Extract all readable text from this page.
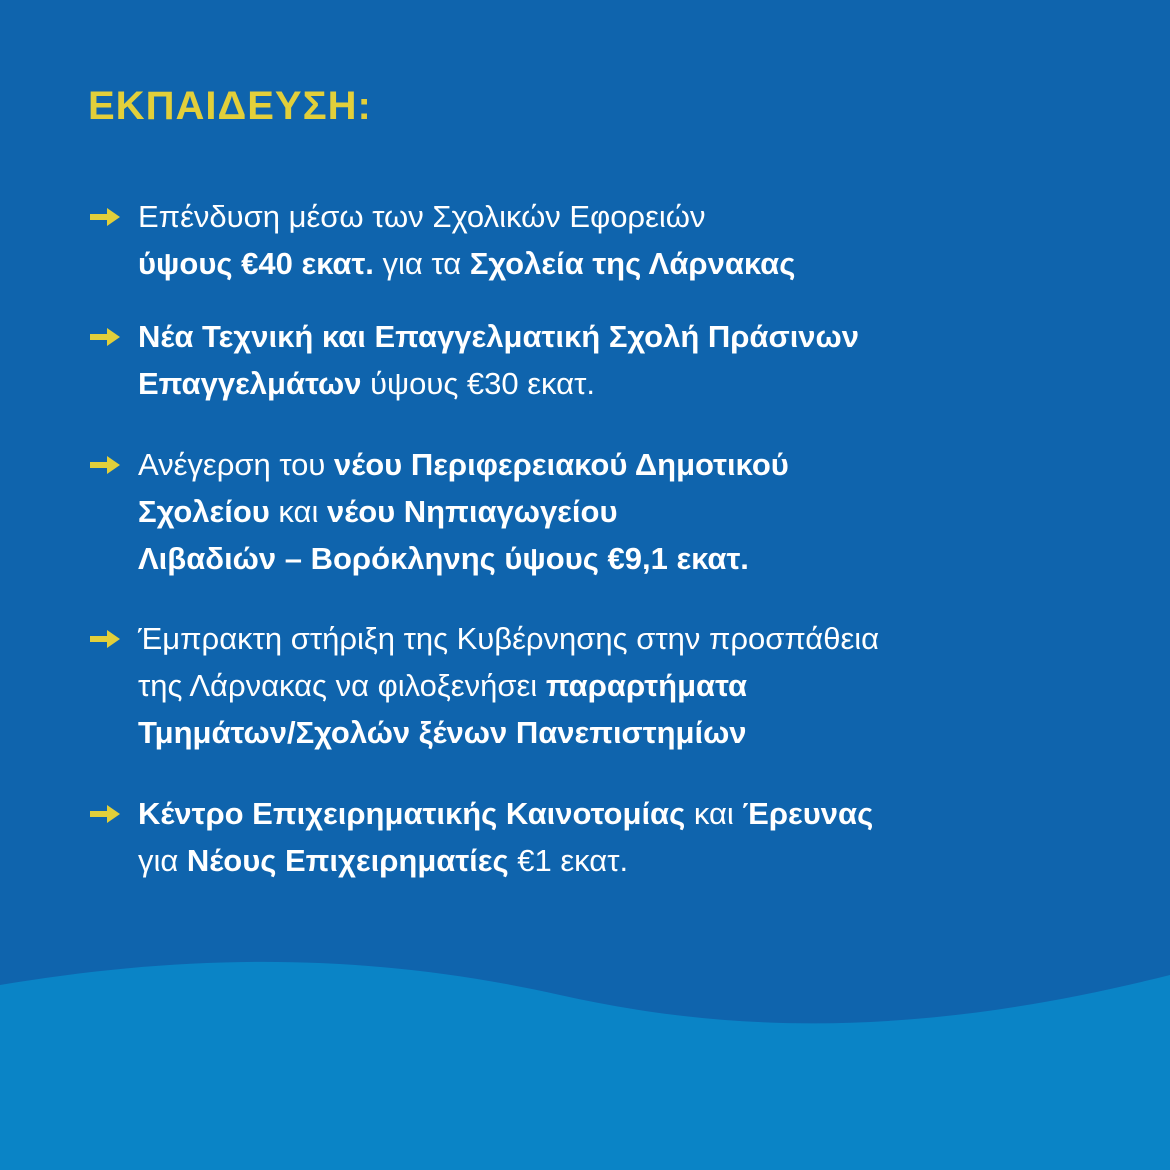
ΕΚΠΑΙΔΕΥΣΗ:
Επένδυση μέσω των Σχολικών Εφορειών
ύψους €40 εκατ. για τα Σχολεία της Λάρνακας
Νέα Τεχνική και Επαγγελματική Σχολή Πράσινων
Επαγγελμάτων ύψους €30 εκατ.
Ανέγερση του νέου Περιφερειακού Δημοτικού
Σχολείου και νέου Νηπιαγωγείου
Λιβαδιών – Βορόκληνης ύψους €9,1 εκατ.
Έμπρακτη στήριξη της Κυβέρνησης στην προσπάθεια
της Λάρνακας να φιλοξενήσει παραρτήματα
Τμημάτων/Σχολών ξένων Πανεπιστημίων
Κέντρο Επιχειρηματικής Καινοτομίας και Έρευνας
για Νέους Επιχειρηματίες €1 εκατ.
